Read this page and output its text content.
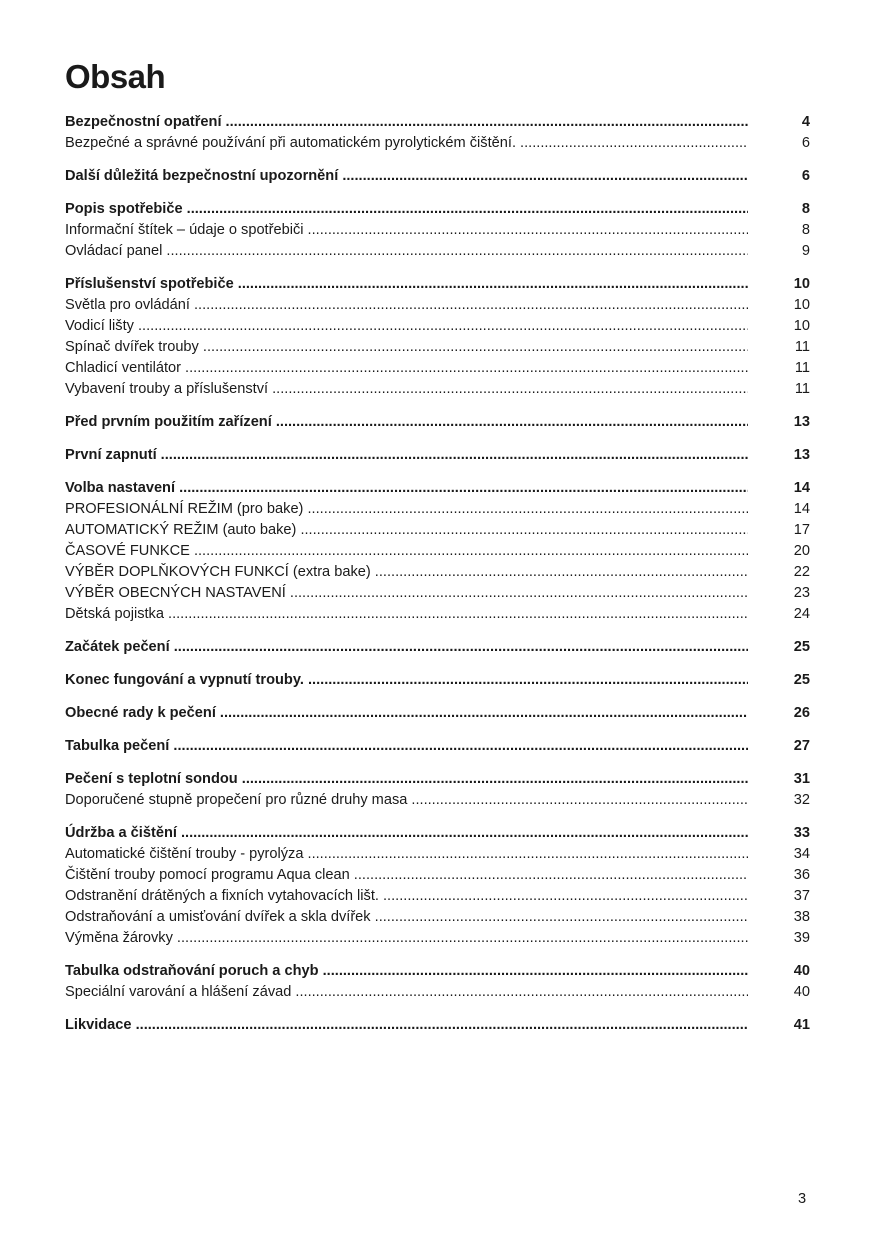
Obsah
Bezpečnostní opatření .....	4
Bezpečné a správné používání při automatickém pyrolytickém čištění. .....	6
Další důležitá bezpečnostní upozornění .....	6
Popis spotřebiče .....	8
Informační štítek – údaje o spotřebiči .....	8
Ovládací panel .....	9
Příslušenství spotřebiče .....	10
Světla pro ovládání .....	10
Vodicí lišty .....	10
Spínač dvířek trouby .....	11
Chladicí ventilátor .....	11
Vybavení trouby a příslušenství .....	11
Před prvním použitím zařízení .....	13
První zapnutí .....	13
Volba nastavení .....	14
PROFESIONÁLNÍ REŽIM (pro bake) .....	14
AUTOMATICKÝ REŽIM (auto bake) .....	17
ČASOVÉ FUNKCE .....	20
VÝBĚR DOPLŇKOVÝCH FUNKCÍ (extra bake) .....	22
VÝBĚR OBECNÝCH NASTAVENÍ .....	23
Dětská pojistka .....	24
Začátek pečení .....	25
Konec fungování a vypnutí trouby. .....	25
Obecné rady k pečení .....	26
Tabulka pečení .....	27
Pečení s teplotní sondou .....	31
Doporučené stupně propečení pro různé druhy masa .....	32
Údržba a čištění .....	33
Automatické čištění trouby - pyrolýza .....	34
Čištění trouby pomocí programu Aqua clean .....	36
Odstranění drátěných a fixních vytahovacích lišt. .....	37
Odstraňování a umisťování dvířek a skla dvířek .....	38
Výměna žárovky .....	39
Tabulka odstraňování poruch a chyb .....	40
Speciální varování a hlášení závad .....	40
Likvidace .....	41
3
